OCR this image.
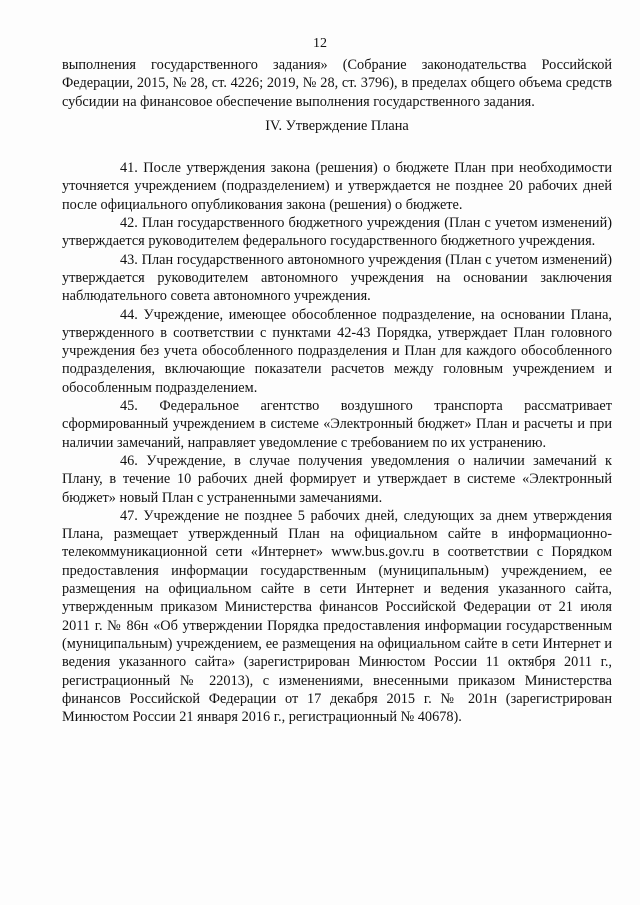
12

выполнения государственного задания» (Собрание законодательства Российской Федерации, 2015, № 28, ст. 4226; 2019, № 28, ст. 3796), в пределах общего объема средств субсидии на финансовое обеспечение выполнения государственного задания.

IV. Утверждение Плана

41. После утверждения закона (решения) о бюджете План при необходимости уточняется учреждением (подразделением) и утверждается не позднее 20 рабочих дней после официального опубликования закона (решения) о бюджете.

42. План государственного бюджетного учреждения (План с учетом изменений) утверждается руководителем федерального государственного бюджетного учреждения.

43. План государственного автономного учреждения (План с учетом изменений) утверждается руководителем автономного учреждения на основании заключения наблюдательного совета автономного учреждения.

44. Учреждение, имеющее обособленное подразделение, на основании Плана, утвержденного в соответствии с пунктами 42-43 Порядка, утверждает План головного учреждения без учета обособленного подразделения и План для каждого обособленного подразделения, включающие показатели расчетов между головным учреждением и обособленным подразделением.

45. Федеральное агентство воздушного транспорта рассматривает сформированный учреждением в системе «Электронный бюджет» План и расчеты и при наличии замечаний, направляет уведомление с требованием по их устранению.

46. Учреждение, в случае получения уведомления о наличии замечаний к Плану, в течение 10 рабочих дней формирует и утверждает в системе «Электронный бюджет» новый План с устраненными замечаниями.

47. Учреждение не позднее 5 рабочих дней, следующих за днем утверждения Плана, размещает утвержденный План на официальном сайте в информационно-телекоммуникационной сети «Интернет» www.bus.gov.ru в соответствии с Порядком предоставления информации государственным (муниципальным) учреждением, ее размещения на официальном сайте в сети Интернет и ведения указанного сайта, утвержденным приказом Министерства финансов Российской Федерации от 21 июля 2011 г. № 86н «Об утверждении Порядка предоставления информации государственным (муниципальным) учреждением, ее размещения на официальном сайте в сети Интернет и ведения указанного сайта» (зарегистрирован Минюстом России 11 октября 2011 г., регистрационный № 22013), с изменениями, внесенными приказом Министерства финансов Российской Федерации от 17 декабря 2015 г. № 201н (зарегистрирован Минюстом России 21 января 2016 г., регистрационный № 40678).
